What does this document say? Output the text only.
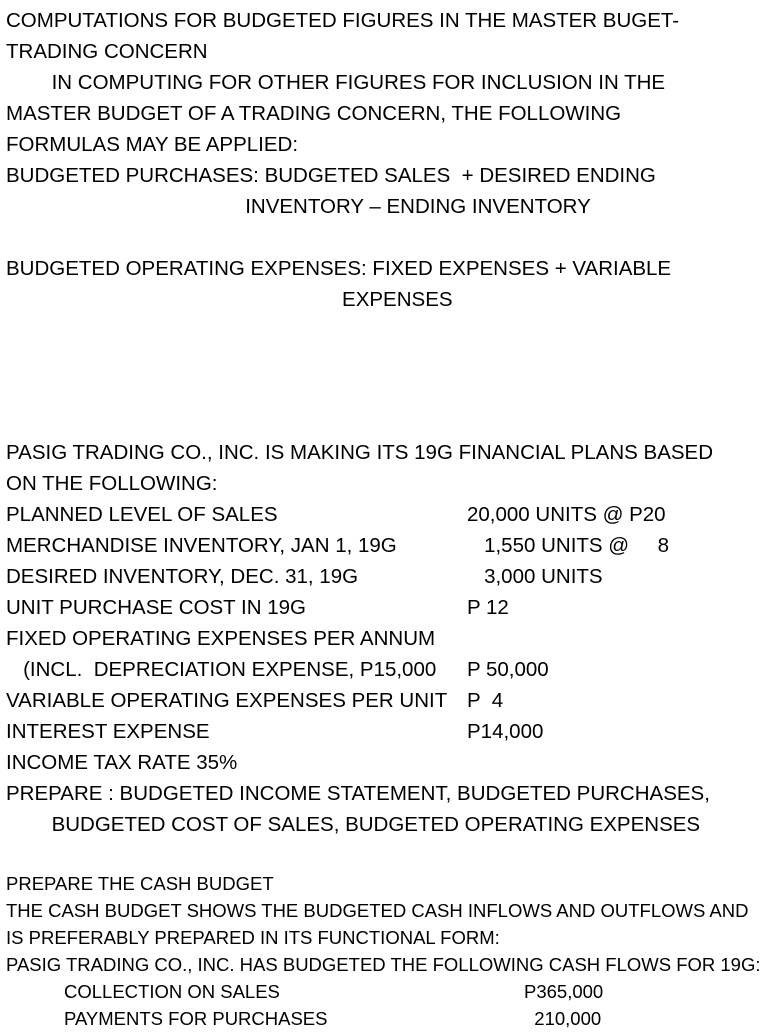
COMPUTATIONS FOR BUDGETED FIGURES IN THE MASTER BUGET-
TRADING CONCERN
IN COMPUTING FOR OTHER FIGURES FOR INCLUSION IN THE
MASTER BUDGET OF A TRADING CONCERN, THE FOLLOWING
FORMULAS MAY BE APPLIED:
BUDGETED PURCHASES: BUDGETED SALES  + DESIRED ENDING
INVENTORY – ENDING INVENTORY
BUDGETED OPERATING EXPENSES: FIXED EXPENSES + VARIABLE
EXPENSES
PASIG TRADING CO., INC. IS MAKING ITS 19G FINANCIAL PLANS BASED
ON THE FOLLOWING:
PLANNED LEVEL OF SALES	20,000 UNITS @ P20
MERCHANDISE INVENTORY, JAN 1, 19G	1,550 UNITS @     8
DESIRED INVENTORY, DEC. 31, 19G	3,000 UNITS
UNIT PURCHASE COST IN 19G	P 12
FIXED OPERATING EXPENSES PER ANNUM
(INCL.  DEPRECIATION EXPENSE, P15,000 P 50,000
VARIABLE OPERATING EXPENSES PER UNIT P  4
INTEREST EXPENSE	P14,000
INCOME TAX RATE 35%
PREPARE : BUDGETED INCOME STATEMENT, BUDGETED PURCHASES,
BUDGETED COST OF SALES, BUDGETED OPERATING EXPENSES
PREPARE THE CASH BUDGET
THE CASH BUDGET SHOWS THE BUDGETED CASH INFLOWS AND OUTFLOWS AND
IS PREFERABLY PREPARED IN ITS FUNCTIONAL FORM:
PASIG TRADING CO., INC. HAS BUDGETED THE FOLLOWING CASH FLOWS FOR 19G:
COLLECTION ON SALES	P365,000
PAYMENTS FOR PURCHASES	210,000
